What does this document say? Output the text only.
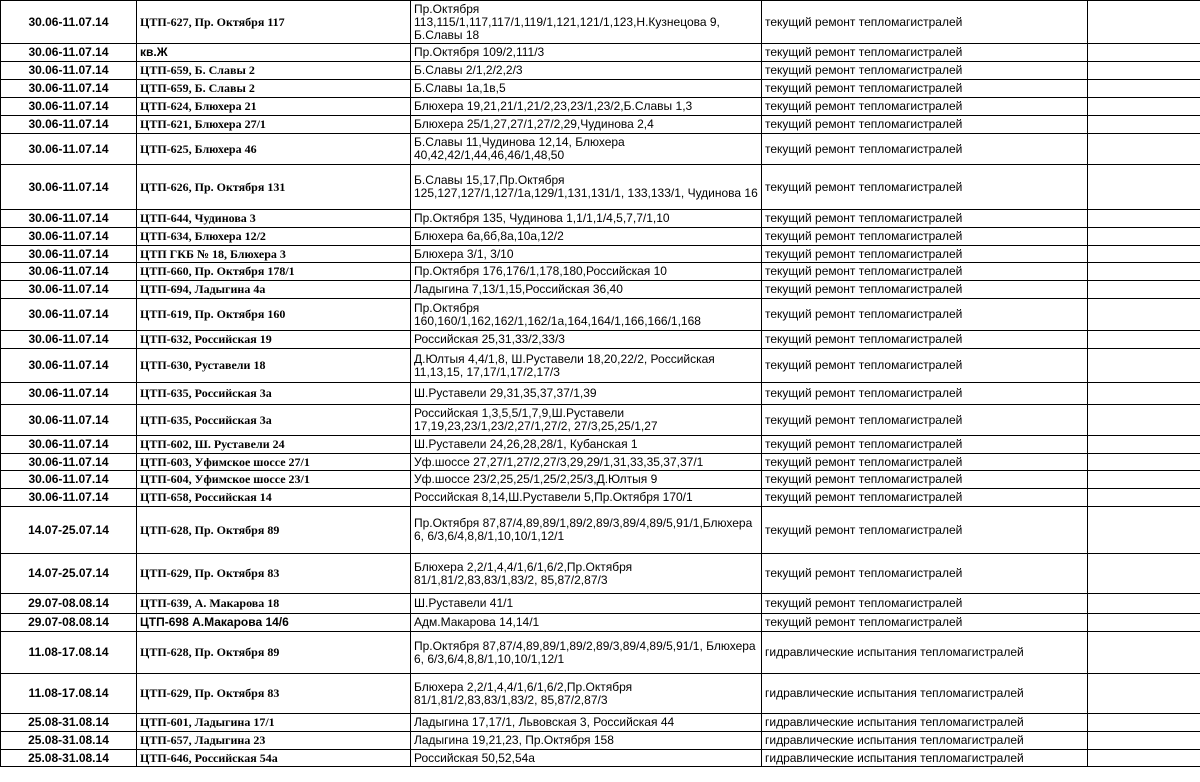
30.06-11.07.14	ЦТП-627, Пр. Октября 117	Пр.Октября 113,115/1,117,117/1,119/1,121,121/1,123,Н.Кузнецова 9, Б.Славы 18	текущий ремонт тепломагистралей	
30.06-11.07.14	кв.Ж	Пр.Октября 109/2,111/3	текущий ремонт тепломагистралей	
30.06-11.07.14	ЦТП-659, Б. Славы 2	Б.Славы 2/1,2/2,2/3	текущий ремонт тепломагистралей	
30.06-11.07.14	ЦТП-659, Б. Славы 2	Б.Славы 1а,1в,5	текущий ремонт тепломагистралей	
30.06-11.07.14	ЦТП-624, Блюхера 21	Блюхера 19,21,21/1,21/2,23,23/1,23/2,Б.Славы 1,3	текущий ремонт тепломагистралей	
30.06-11.07.14	ЦТП-621, Блюхера 27/1	Блюхера 25/1,27,27/1,27/2,29,Чудинова 2,4	текущий ремонт тепломагистралей	
30.06-11.07.14	ЦТП-625, Блюхера 46	Б.Славы 11,Чудинова 12,14, Блюхера 40,42,42/1,44,46,46/1,48,50	текущий ремонт тепломагистралей	
30.06-11.07.14	ЦТП-626, Пр. Октября 131	Б.Славы 15,17,Пр.Октября 125,127,127/1,127/1а,129/1,131,131/1, 133,133/1, Чудинова 16	текущий ремонт тепломагистралей	
30.06-11.07.14	ЦТП-644, Чудинова 3	Пр.Октября 135, Чудинова 1,1/1,1/4,5,7,7/1,10	текущий ремонт тепломагистралей	
30.06-11.07.14	ЦТП-634, Блюхера 12/2	Блюхера 6а,6б,8а,10а,12/2	текущий ремонт тепломагистралей	
30.06-11.07.14	ЦТП ГКБ № 18, Блюхера 3	Блюхера 3/1, 3/10	текущий ремонт тепломагистралей	
30.06-11.07.14	ЦТП-660, Пр. Октября 178/1	Пр.Октября 176,176/1,178,180,Российская 10	текущий ремонт тепломагистралей	
30.06-11.07.14	ЦТП-694, Ладыгина 4а	Ладыгина 7,13/1,15,Российская 36,40	текущий ремонт тепломагистралей	
30.06-11.07.14	ЦТП-619, Пр. Октября 160	Пр.Октября 160,160/1,162,162/1,162/1а,164,164/1,166,166/1,168	текущий ремонт тепломагистралей	
30.06-11.07.14	ЦТП-632, Российская 19	Российская 25,31,33/2,33/3	текущий ремонт тепломагистралей	
30.06-11.07.14	ЦТП-630, Руставели 18	Д.Юлтыя 4,4/1,8, Ш.Руставели 18,20,22/2, Российская 11,13,15, 17,17/1,17/2,17/3	текущий ремонт тепломагистралей	
30.06-11.07.14	ЦТП-635, Российская 3а	Ш.Руставели 29,31,35,37,37/1,39	текущий ремонт тепломагистралей	
30.06-11.07.14	ЦТП-635, Российская 3а	Российская 1,3,5,5/1,7,9,Ш.Руставели 17,19,23,23/1,23/2,27/1,27/2, 27/3,25,25/1,27	текущий ремонт тепломагистралей	
30.06-11.07.14	ЦТП-602, Ш. Руставели 24	Ш.Руставели 24,26,28,28/1, Кубанская 1	текущий ремонт тепломагистралей	
30.06-11.07.14	ЦТП-603, Уфимское шоссе 27/1	Уф.шоссе 27,27/1,27/2,27/3,29,29/1,31,33,35,37,37/1	текущий ремонт тепломагистралей	
30.06-11.07.14	ЦТП-604, Уфимское шоссе 23/1	Уф.шоссе 23/2,25,25/1,25/2,25/3,Д.Юлтыя 9	текущий ремонт тепломагистралей	
30.06-11.07.14	ЦТП-658, Российская 14	Российская 8,14,Ш.Руставели 5,Пр.Октября 170/1	текущий ремонт тепломагистралей	
14.07-25.07.14	ЦТП-628, Пр. Октября 89	Пр.Октября 87,87/4,89,89/1,89/2,89/3,89/4,89/5,91/1,Блюхера 6, 6/3,6/4,8,8/1,10,10/1,12/1	текущий ремонт тепломагистралей	
14.07-25.07.14	ЦТП-629, Пр. Октября 83	Блюхера 2,2/1,4,4/1,6/1,6/2,Пр.Октября 81/1,81/2,83,83/1,83/2, 85,87/2,87/3	текущий ремонт тепломагистралей	
29.07-08.08.14	ЦТП-639, А. Макарова 18	Ш.Руставели 41/1	текущий ремонт тепломагистралей	
29.07-08.08.14	ЦТП-698 А.Макарова 14/6	Адм.Макарова 14,14/1	текущий ремонт тепломагистралей	
11.08-17.08.14	ЦТП-628, Пр. Октября 89	Пр.Октября 87,87/4,89,89/1,89/2,89/3,89/4,89/5,91/1, Блюхера 6, 6/3,6/4,8,8/1,10,10/1,12/1	гидравлические испытания тепломагистралей	
11.08-17.08.14	ЦТП-629, Пр. Октября 83	Блюхера 2,2/1,4,4/1,6/1,6/2,Пр.Октября 81/1,81/2,83,83/1,83/2, 85,87/2,87/3	гидравлические испытания тепломагистралей	
25.08-31.08.14	ЦТП-601, Ладыгина 17/1	Ладыгина 17,17/1, Львовская 3, Российская 44	гидравлические испытания тепломагистралей	
25.08-31.08.14	ЦТП-657, Ладыгина 23	Ладыгина 19,21,23, Пр.Октября 158	гидравлические испытания тепломагистралей	
25.08-31.08.14	ЦТП-646, Российская 54а	Российская 50,52,54а	гидравлические испытания тепломагистралей	
